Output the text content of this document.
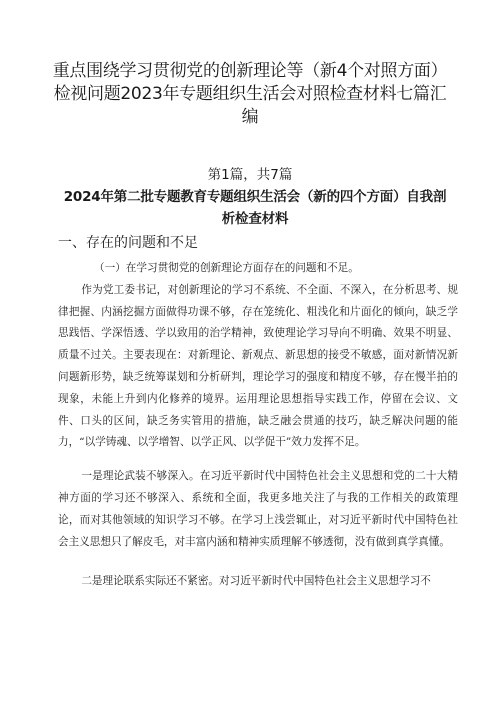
重点围绕学习贯彻党的创新理论等（新4个对照方面）检视问题2023年专题组织生活会对照检查材料七篇汇编
第1篇，共7篇
2024年第二批专题教育专题组织生活会（新的四个方面）自我剖析检查材料
一、存在的问题和不足

（一）在学习贯彻党的创新理论方面存在的问题和不足。

作为党工委书记，对创新理论的学习不系统、不全面、不深入，在分析思考、规律把握、内涵挖掘方面做得功课不够，存在笼统化、粗浅化和片面化的倾向，缺乏学思践悟、学深悟透、学以致用的治学精神，致使理论学习导向不明确、效果不明显、质量不过关。主要表现在：对新理论、新观点、新思想的接受不敏感，面对新情况新问题新形势，缺乏统筹谋划和分析研判，理论学习的强度和精度不够，存在慢半拍的现象，未能上升到内化修养的境界。运用理论思想指导实践工作，停留在会议、文件、口头的区间，缺乏务实管用的措施，缺乏融会贯通的技巧，缺乏解决问题的能力，“以学铸魂、以学增智、以学正风、以学促干”效力发挥不足。

一是理论武装不够深入。在习近平新时代中国特色社会主义思想和党的二十大精神方面的学习还不够深入、系统和全面，我更多地关注了与我的工作相关的政策理论，而对其他领域的知识学习不够。在学习上浅尝辄止，对习近平新时代中国特色社会主义思想只了解皮毛，对丰富内涵和精神实质理解不够透彻，没有做到真学真懂。

二是理论联系实际还不紧密。对习近平新时代中国特色社会主义思想学习不
